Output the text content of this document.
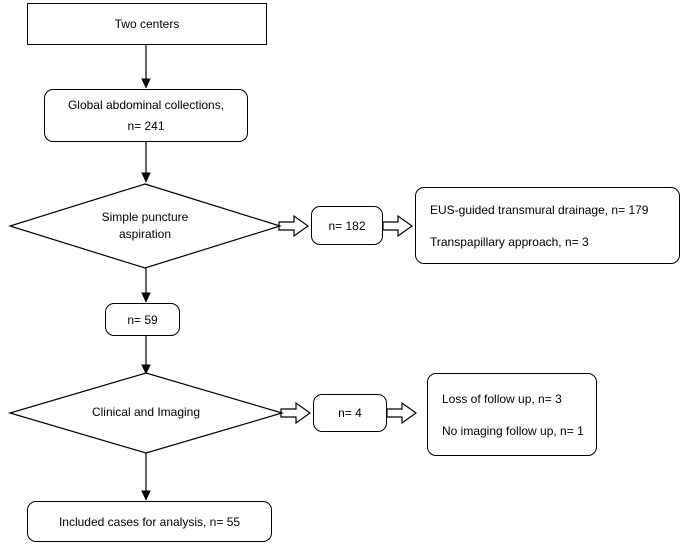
Two centers
Global abdominal collections,
n= 241
Simple puncture
aspiration
n= 182
EUS-guided transmural drainage, n= 179
Transpapillary approach, n= 3
n= 59
Clinical and Imaging	n= 4
Loss of follow up, n= 3
No imaging follow up, n= 1
Included cases for analysis, n= 55
